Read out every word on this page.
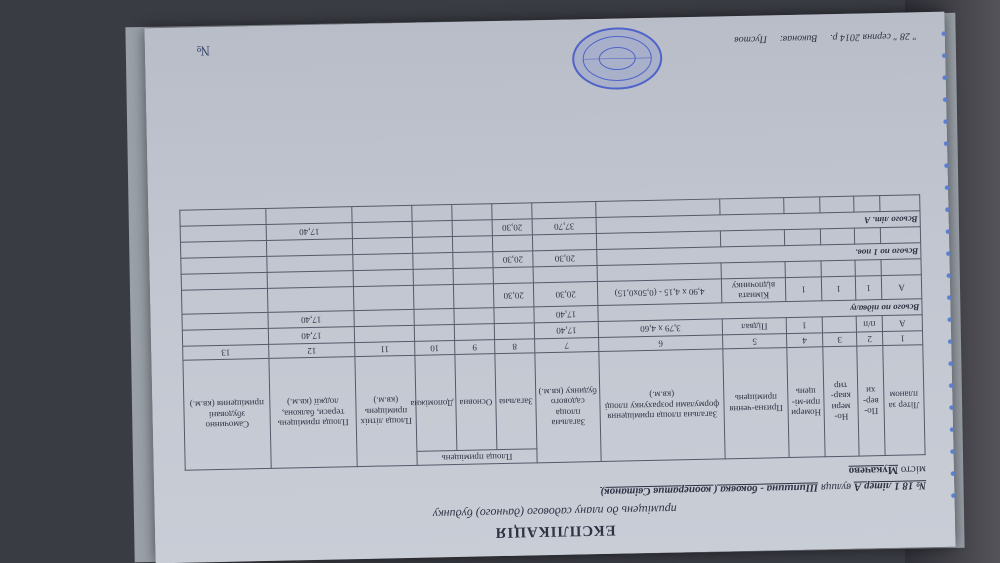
ЕКСПЛІКАЦІЯ
приміщень до плану садового (дачного) будинку
№ 18 1 літер А вулиця Шипшина - боковка ( кооператив Світанок)
місто Мукачево
Літер за планом	По-вер-хи	Но-мери квар-тир	Номери при-мі-щень	Призна-чення приміщень	Загальна площа приміщення формулами розрахунку площі (кв.м.)	Загальна площа садового будинку (кв.м.)	Площа приміщень			Площа літніх приміщень (кв.м.)	Площа приміщень тераси, балкона, лоджії (кв.м.)	Самочинно збудовані приміщення (кв.м.)
							Загальна	Основна	Допоміжна			
1	2	3	4	5	6	7	8	9	10	11	12	13
А	п/п		1	Підвал	3,79 х 4,60	17,40					17,40	
Всього по підвалу						17,40					17,40	
А	1	1	1	Кімната відпочинку	4,90 х 4,15 - (0,50х0,15)	20,30	20,30					

Всього по 1 пов.						20,30	20,30					

Всього літ. А						37,70	20,30				17,40	

" 28 " серпня 2014 р. Виконав: Пустов
№
